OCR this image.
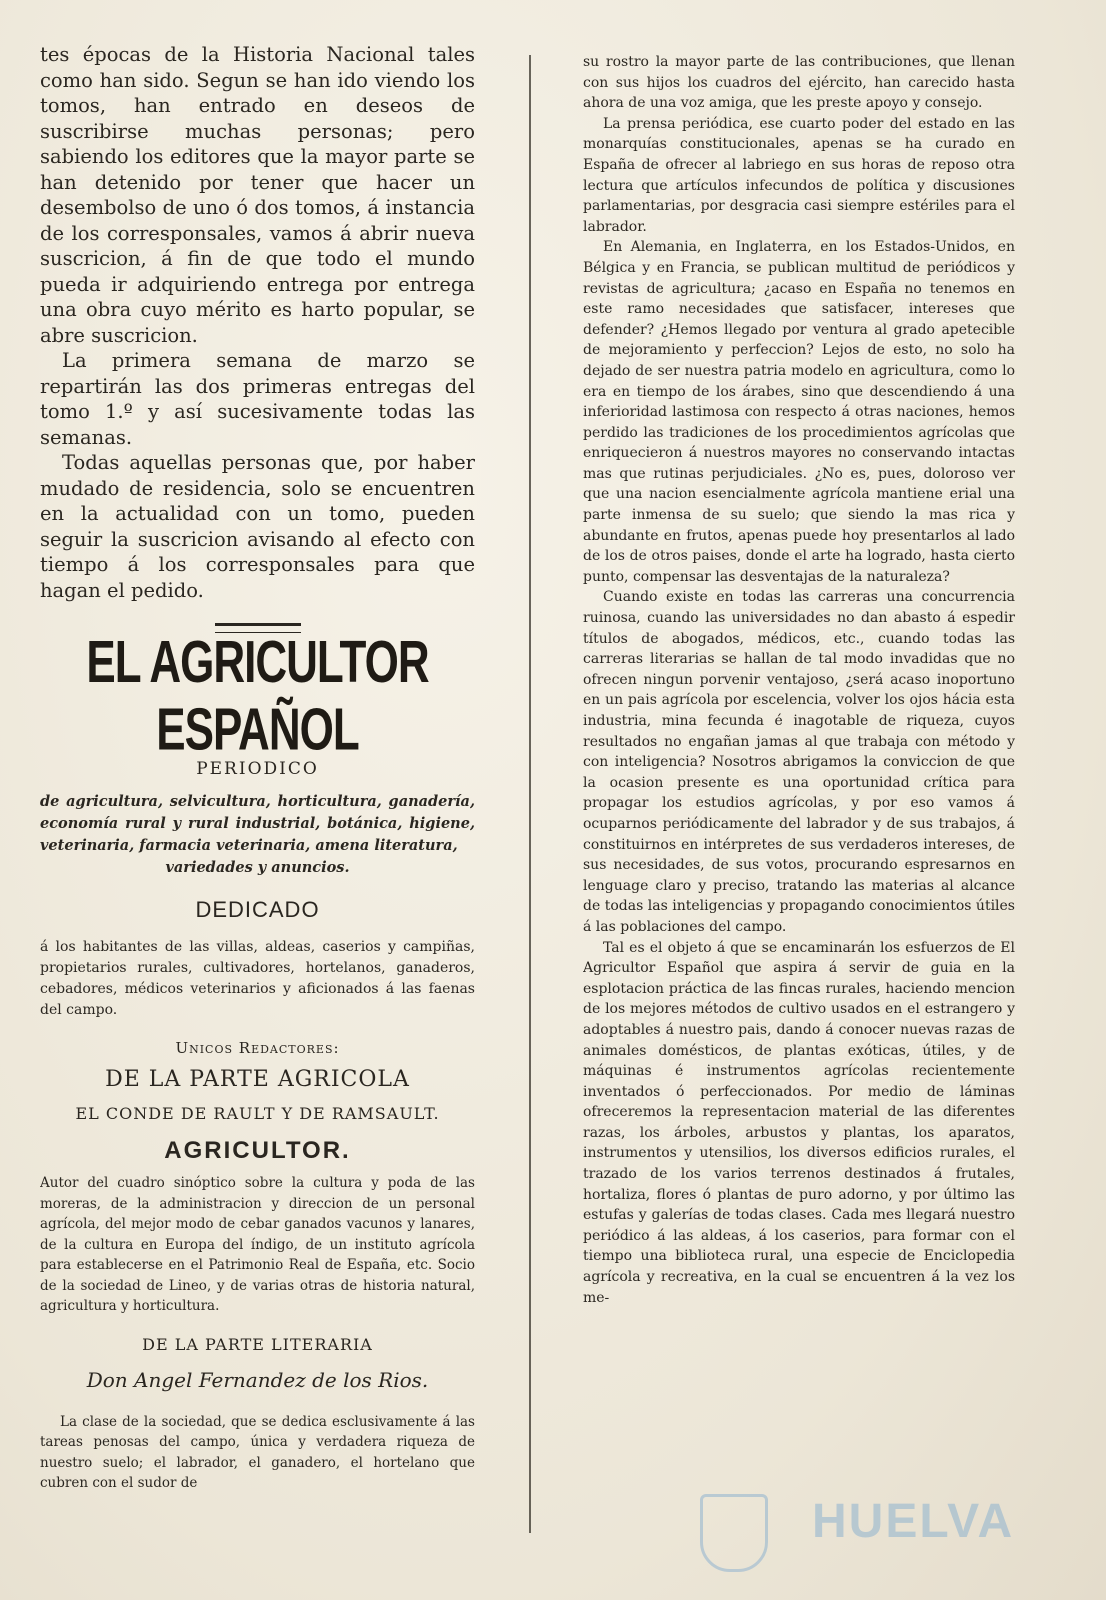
tes épocas de la Historia Nacional tales como han sido. Segun se han ido viendo los tomos, han entrado en deseos de suscribirse muchas personas; pero sabiendo los editores que la mayor parte se han detenido por tener que hacer un desembolso de uno ó dos tomos, á instancia de los corresponsales, vamos á abrir nueva suscricion, á fin de que todo el mundo pueda ir adquiriendo entrega por entrega una obra cuyo mérito es harto popular, se abre suscricion.

La primera semana de marzo se repartirán las dos primeras entregas del tomo 1.º y así sucesivamente todas las semanas.

Todas aquellas personas que, por haber mudado de residencia, solo se encuentren en la actualidad con un tomo, pueden seguir la suscricion avisando al efecto con tiempo á los corresponsales para que hagan el pedido.

EL AGRICULTOR ESPAÑOL
PERIODICO
de agricultura, selvicultura, horticultura, ganadería, economía rural y rural industrial, botánica, higiene, veterinaria, farmacia veterinaria, amena literatura,
variedades y anuncios.
DEDICADO
á los habitantes de las villas, aldeas, caserios y campiñas, propietarios rurales, cultivadores, hortelanos, ganaderos, cebadores, médicos veterinarios y aficionados á las faenas del campo.
Unicos Redactores:
DE LA PARTE AGRICOLA
EL CONDE DE RAULT Y DE RAMSAULT.
AGRICULTOR.
Autor del cuadro sinóptico sobre la cultura y poda de las moreras, de la administracion y direccion de un personal agrícola, del mejor modo de cebar ganados vacunos y lanares, de la cultura en Europa del índigo, de un instituto agrícola para establecerse en el Patrimonio Real de España, etc. Socio de la sociedad de Lineo, y de varias otras de historia natural, agricultura y horticultura.
DE LA PARTE LITERARIA
Don Angel Fernandez de los Rios.

La clase de la sociedad, que se dedica esclusivamente á las tareas penosas del campo, única y verdadera riqueza de nuestro suelo; el labrador, el ganadero, el hortelano que cubren con el sudor de

su rostro la mayor parte de las contribuciones, que llenan con sus hijos los cuadros del ejército, han carecido hasta ahora de una voz amiga, que les preste apoyo y consejo.

La prensa periódica, ese cuarto poder del estado en las monarquías constitucionales, apenas se ha curado en España de ofrecer al labriego en sus horas de reposo otra lectura que artículos infecundos de política y discusiones parlamentarias, por desgracia casi siempre estériles para el labrador.

En Alemania, en Inglaterra, en los Estados-Unidos, en Bélgica y en Francia, se publican multitud de periódicos y revistas de agricultura; ¿acaso en España no tenemos en este ramo necesidades que satisfacer, intereses que defender? ¿Hemos llegado por ventura al grado apetecible de mejoramiento y perfeccion? Lejos de esto, no solo ha dejado de ser nuestra patria modelo en agricultura, como lo era en tiempo de los árabes, sino que descendiendo á una inferioridad lastimosa con respecto á otras naciones, hemos perdido las tradiciones de los procedimientos agrícolas que enriquecieron á nuestros mayores no conservando intactas mas que rutinas perjudiciales. ¿No es, pues, doloroso ver que una nacion esencialmente agrícola mantiene erial una parte inmensa de su suelo; que siendo la mas rica y abundante en frutos, apenas puede hoy presentarlos al lado de los de otros paises, donde el arte ha logrado, hasta cierto punto, compensar las desventajas de la naturaleza?

Cuando existe en todas las carreras una concurrencia ruinosa, cuando las universidades no dan abasto á espedir títulos de abogados, médicos, etc., cuando todas las carreras literarias se hallan de tal modo invadidas que no ofrecen ningun porvenir ventajoso, ¿será acaso inoportuno en un pais agrícola por escelencia, volver los ojos hácia esta industria, mina fecunda é inagotable de riqueza, cuyos resultados no engañan jamas al que trabaja con método y con inteligencia? Nosotros abrigamos la conviccion de que la ocasion presente es una oportunidad crítica para propagar los estudios agrícolas, y por eso vamos á ocuparnos periódicamente del labrador y de sus trabajos, á constituirnos en intérpretes de sus verdaderos intereses, de sus necesidades, de sus votos, procurando espresarnos en lenguage claro y preciso, tratando las materias al alcance de todas las inteligencias y propagando conocimientos útiles á las poblaciones del campo.

Tal es el objeto á que se encaminarán los esfuerzos de El Agricultor Español que aspira á servir de guia en la esplotacion práctica de las fincas rurales, haciendo mencion de los mejores métodos de cultivo usados en el estrangero y adoptables á nuestro pais, dando á conocer nuevas razas de animales domésticos, de plantas exóticas, útiles, y de máquinas é instrumentos agrícolas recientemente inventados ó perfeccionados. Por medio de láminas ofreceremos la representacion material de las diferentes razas, los árboles, arbustos y plantas, los aparatos, instrumentos y utensilios, los diversos edificios rurales, el trazado de los varios terrenos destinados á frutales, hortaliza, flores ó plantas de puro adorno, y por último las estufas y galerías de todas clases. Cada mes llegará nuestro periódico á las aldeas, á los caserios, para formar con el tiempo una biblioteca rural, una especie de Enciclopedia agrícola y recreativa, en la cual se encuentren á la vez los me-

HUELVA
